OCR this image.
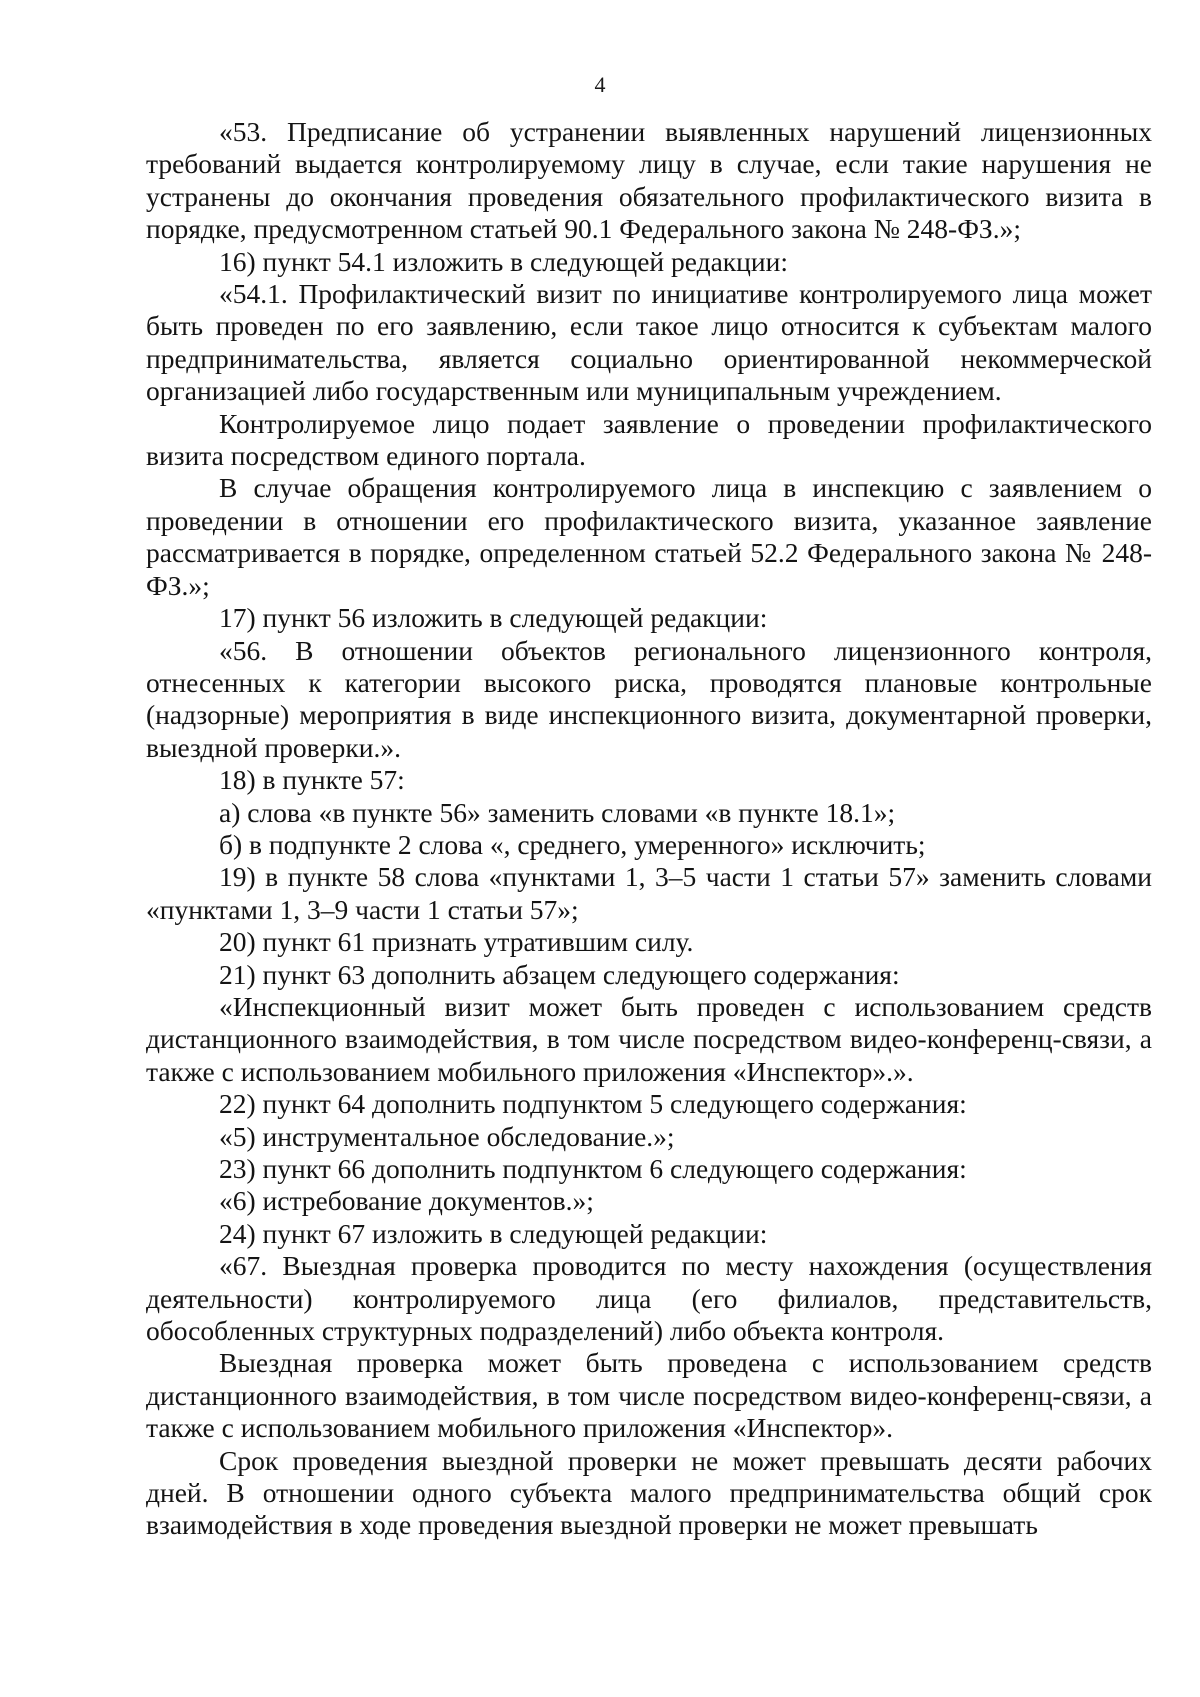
4

«53. Предписание об устранении выявленных нарушений лицензионных требований выдается контролируемому лицу в случае, если такие нарушения не устранены до окончания проведения обязательного профилактического визита в порядке, предусмотренном статьей 90.1 Федерального закона № 248-ФЗ.»;

16) пункт 54.1 изложить в следующей редакции:

«54.1. Профилактический визит по инициативе контролируемого лица может быть проведен по его заявлению, если такое лицо относится к субъектам малого предпринимательства, является социально ориентированной некоммерческой организацией либо государственным или муниципальным учреждением.

Контролируемое лицо подает заявление о проведении профилактического визита посредством единого портала.

В случае обращения контролируемого лица в инспекцию с заявлением о проведении в отношении его профилактического визита, указанное заявление рассматривается в порядке, определенном статьей 52.2 Федерального закона № 248-ФЗ.»;

17) пункт 56 изложить в следующей редакции:

«56. В отношении объектов регионального лицензионного контроля, отнесенных к категории высокого риска, проводятся плановые контрольные (надзорные) мероприятия в виде инспекционного визита, документарной проверки, выездной проверки.».

18) в пункте 57:

а) слова «в пункте 56» заменить словами «в пункте 18.1»;

б) в подпункте 2 слова «, среднего, умеренного» исключить;

19) в пункте 58 слова «пунктами 1, 3–5 части 1 статьи 57» заменить словами «пунктами 1, 3–9 части 1 статьи 57»;

20) пункт 61 признать утратившим силу.

21) пункт 63 дополнить абзацем следующего содержания:

«Инспекционный визит может быть проведен с использованием средств дистанционного взаимодействия, в том числе посредством видео-конференц-связи, а также с использованием мобильного приложения «Инспектор».».

22) пункт 64 дополнить подпунктом 5 следующего содержания:

«5) инструментальное обследование.»;

23) пункт 66 дополнить подпунктом 6 следующего содержания:

«6) истребование документов.»;

24) пункт 67 изложить в следующей редакции:

«67. Выездная проверка проводится по месту нахождения (осуществления деятельности) контролируемого лица (его филиалов, представительств, обособленных структурных подразделений) либо объекта контроля.

Выездная проверка может быть проведена с использованием средств дистанционного взаимодействия, в том числе посредством видео-конференц-связи, а также с использованием мобильного приложения «Инспектор».

Срок проведения выездной проверки не может превышать десяти рабочих дней. В отношении одного субъекта малого предпринимательства общий срок взаимодействия в ходе проведения выездной проверки не может превышать
